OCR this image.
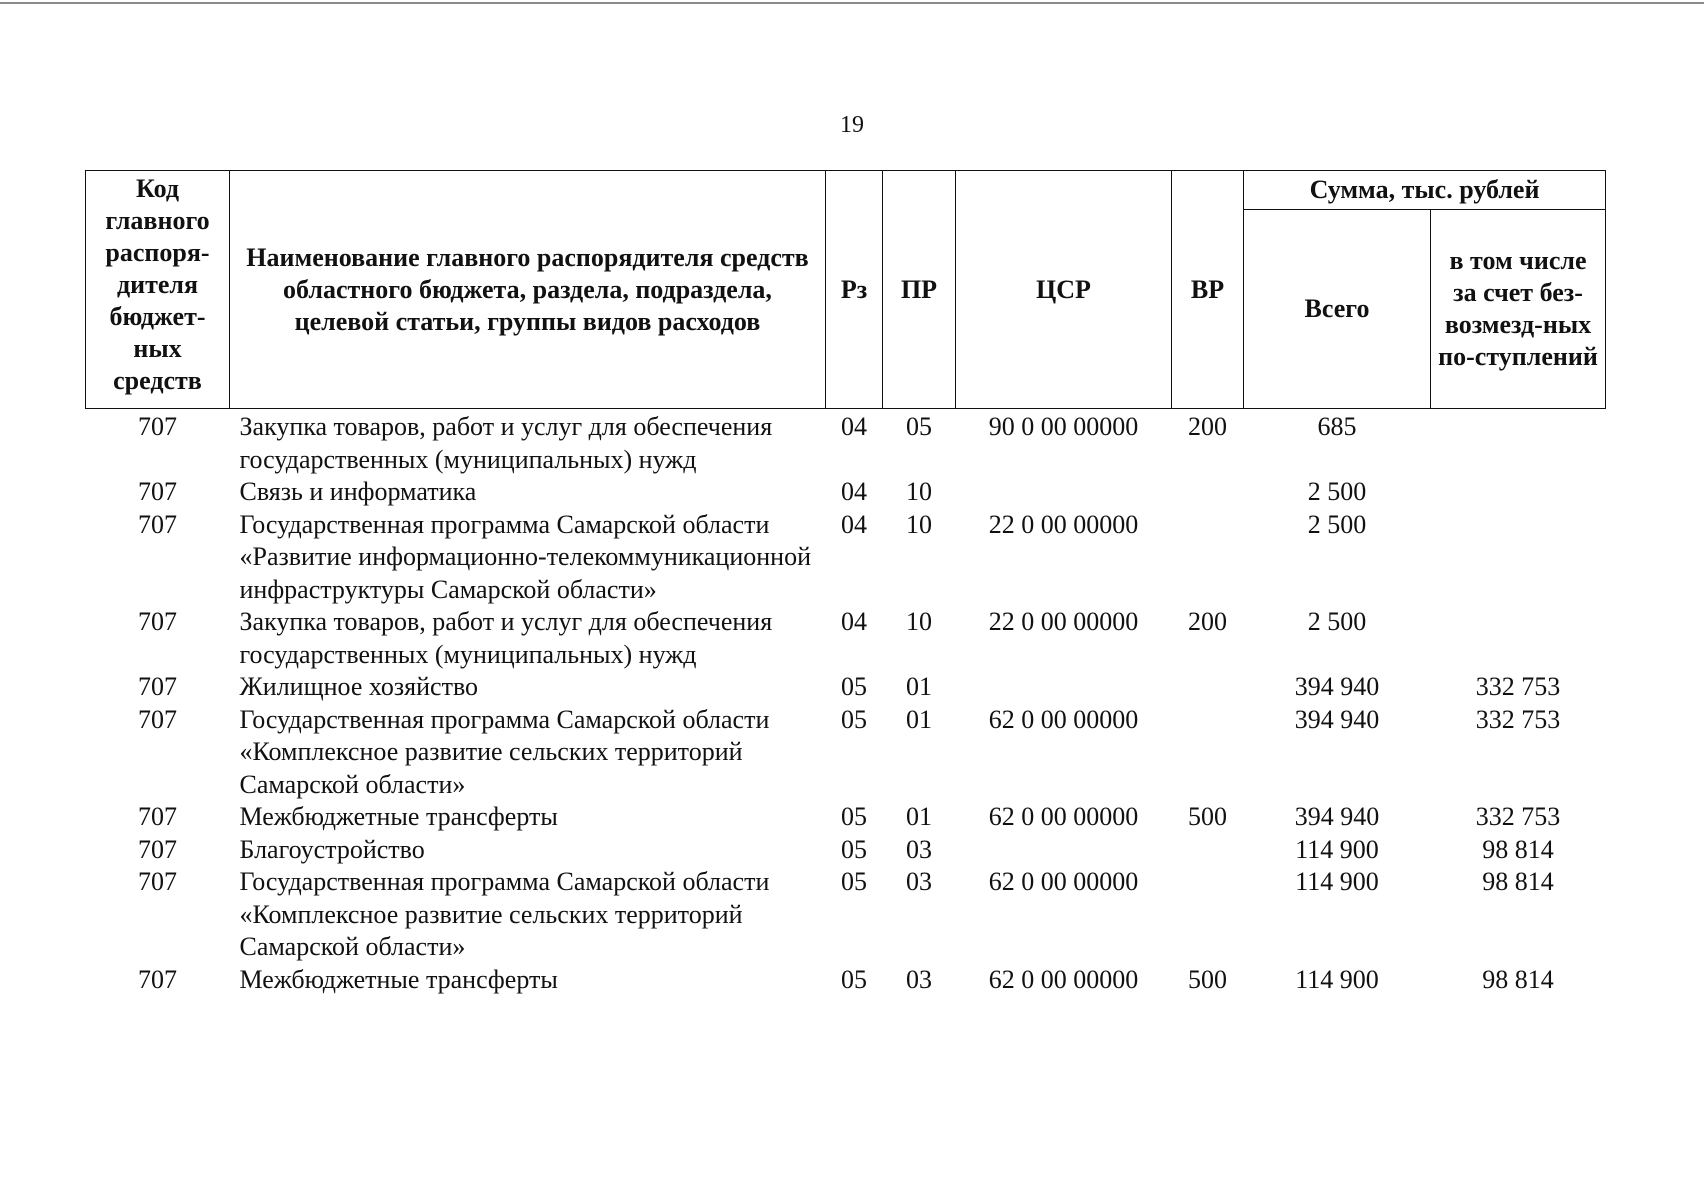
19
Код главного распоря-дителя бюджет-ных средств	Наименование главного распорядителя средств областного бюджета, раздела, подраздела, целевой статьи, группы видов расходов	Рз	ПР	ЦСР	ВР	Сумма, тыс. рублей	
						Всего	в том числе за счет без-возмезд-ных по-ступлений
707	Закупка товаров, работ и услуг для обеспечения государственных (муниципальных) нужд	04	05	90 0 00 00000	200	685	
707	Связь и информатика	04	10			2 500	
707	Государственная программа Самарской области «Развитие информационно-телекоммуникационной инфраструктуры Самарской области»	04	10	22 0 00 00000		2 500	
707	Закупка товаров, работ и услуг для обеспечения государственных (муниципальных) нужд	04	10	22 0 00 00000	200	2 500	
707	Жилищное хозяйство	05	01			394 940	332 753
707	Государственная программа Самарской области «Комплексное развитие сельских территорий Самарской области»	05	01	62 0 00 00000		394 940	332 753
707	Межбюджетные трансферты	05	01	62 0 00 00000	500	394 940	332 753
707	Благоустройство	05	03			114 900	98 814
707	Государственная программа Самарской области «Комплексное развитие сельских территорий Самарской области»	05	03	62 0 00 00000		114 900	98 814
707	Межбюджетные трансферты	05	03	62 0 00 00000	500	114 900	98 814
